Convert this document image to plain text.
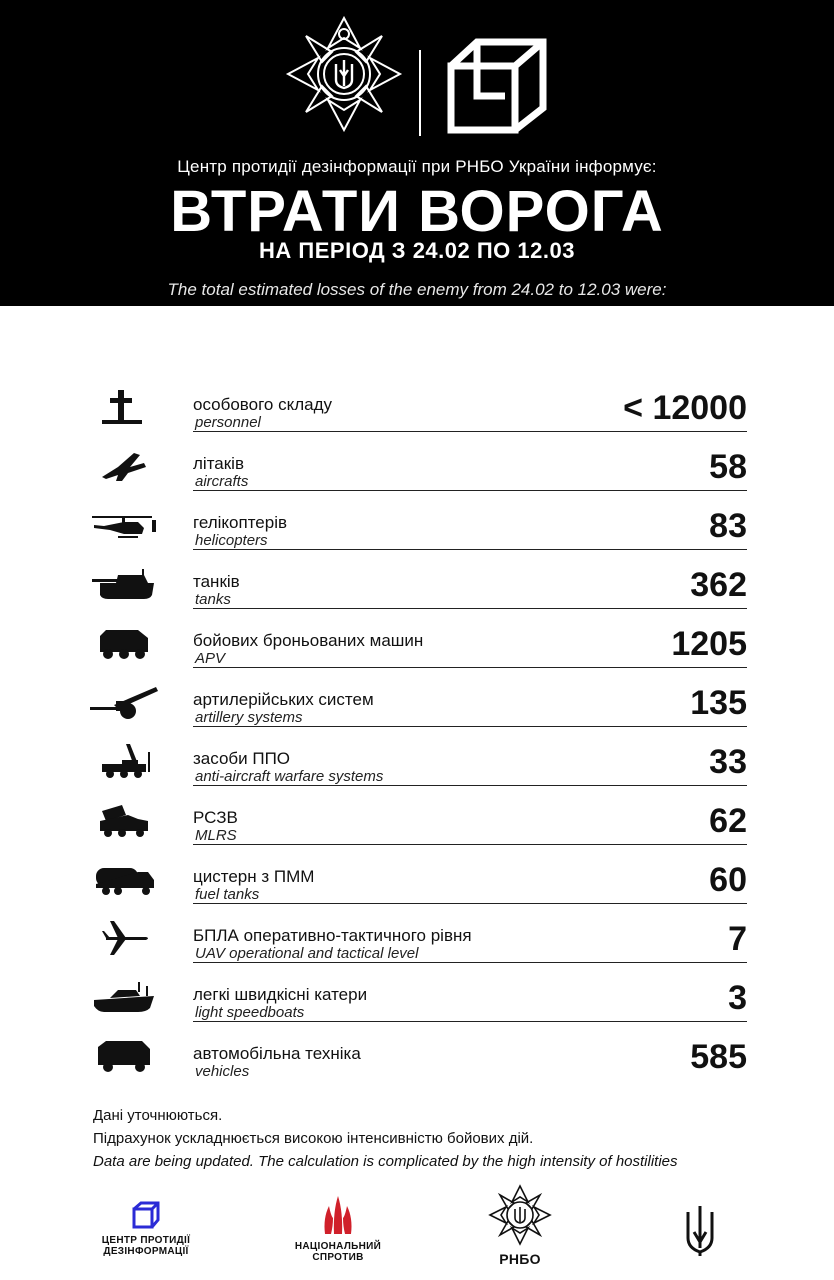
Центр протидії дезінформації при РНБО України інформує:
ВТРАТИ ВОРОГА
НА ПЕРІОД З 24.02 ПО 12.03
The total estimated losses of the enemy from 24.02 to 12.03 were:
особового складу
personnel	< 12000
літаків
aircrafts	58
гелікоптерів
helicopters	83
танків
tanks	362
бойових броньованих машин
APV	1205
артилерійських систем
artillery systems	135
засоби ППО
anti-aircraft warfare systems	33
РСЗВ
MLRS	62
цистерн з ПММ
fuel tanks	60
БПЛА оперативно-тактичного рівня
UAV operational and tactical level	7
легкі швидкісні катери
light speedboats	3
автомобільна техніка
vehicles	585
Дані уточнюються.
Підрахунок ускладнюється високою інтенсивністю бойових дій.
Data are being updated. The calculation is complicated by the high intensity of hostilities
ЦЕНТР ПРОТИДІЇ
ДЕЗІНФОРМАЦІЇ	НАЦІОНАЛЬНИЙ
СПРОТИВ	РНБО
